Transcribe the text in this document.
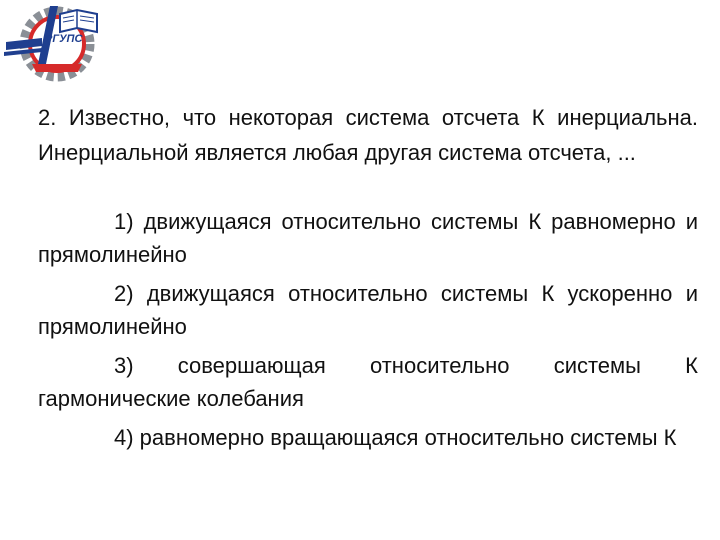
РГУПС

2. Известно, что некоторая система отсчета К инерциальна. Инерциальной является любая другая система отсчета, ...

1) движущаяся относительно системы К равномерно и прямолинейно

2) движущаяся относительно системы К ускоренно и прямолинейно

3) совершающая относительно системы К гармонические колебания

4) равномерно вращающаяся относительно системы К
